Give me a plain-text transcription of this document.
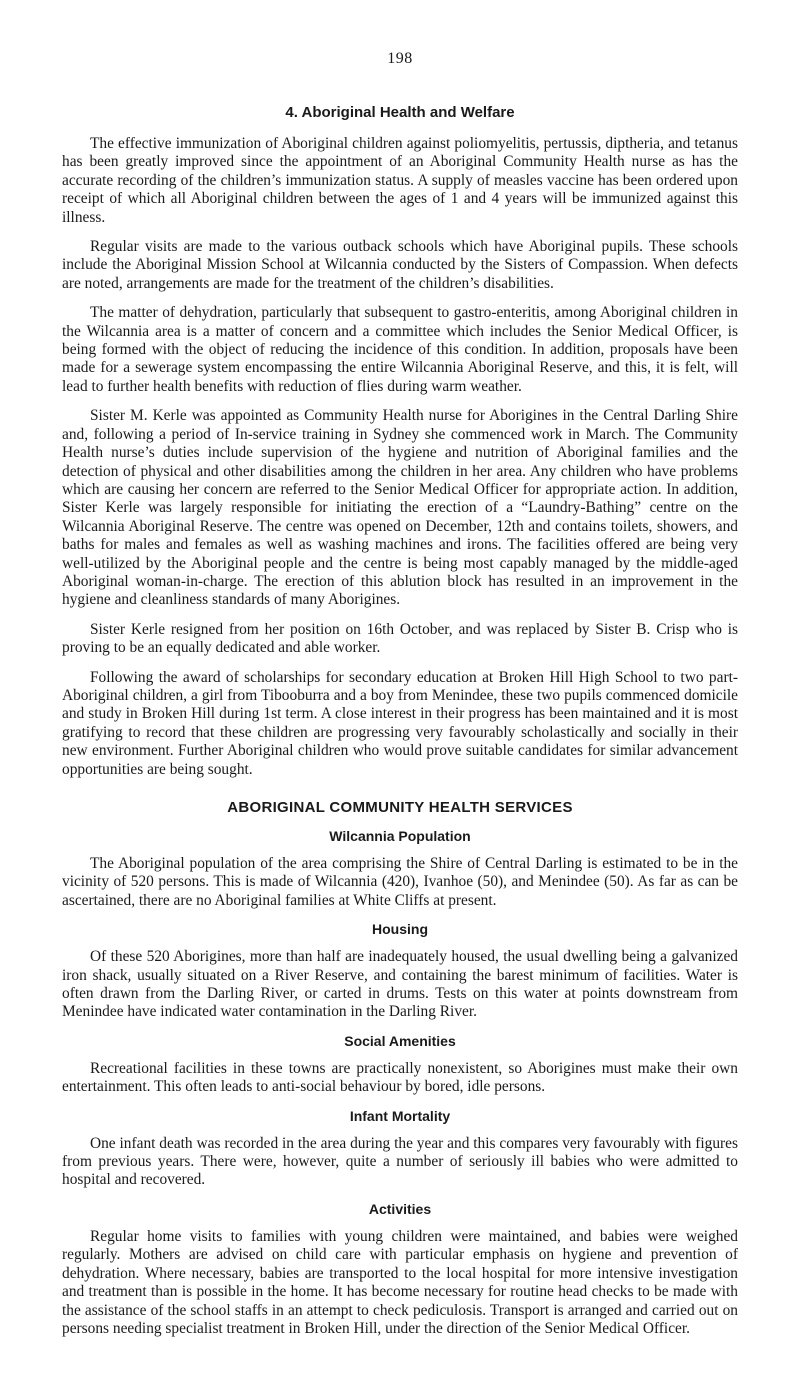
198
4. Aboriginal Health and Welfare

The effective immunization of Aboriginal children against poliomyelitis, pertussis, diptheria, and tetanus has been greatly improved since the appointment of an Aboriginal Community Health nurse as has the accurate recording of the children’s immunization status. A supply of measles vaccine has been ordered upon receipt of which all Aboriginal children between the ages of 1 and 4 years will be immunized against this illness.

Regular visits are made to the various outback schools which have Aboriginal pupils. These schools include the Aboriginal Mission School at Wilcannia conducted by the Sisters of Compassion. When defects are noted, arrangements are made for the treatment of the children’s disabilities.

The matter of dehydration, particularly that subsequent to gastro-enteritis, among Aboriginal children in the Wilcannia area is a matter of concern and a committee which includes the Senior Medical Officer, is being formed with the object of reducing the incidence of this condition. In addition, proposals have been made for a sewerage system encompassing the entire Wilcannia Aboriginal Reserve, and this, it is felt, will lead to further health benefits with reduction of flies during warm weather.

Sister M. Kerle was appointed as Community Health nurse for Aborigines in the Central Darling Shire and, following a period of In-service training in Sydney she commenced work in March. The Community Health nurse’s duties include supervision of the hygiene and nutrition of Aboriginal families and the detection of physical and other disabilities among the children in her area. Any children who have problems which are causing her concern are referred to the Senior Medical Officer for appropriate action. In addition, Sister Kerle was largely responsible for initiating the erection of a “Laundry-Bathing” centre on the Wilcannia Aboriginal Reserve. The centre was opened on December, 12th and contains toilets, showers, and baths for males and females as well as washing machines and irons. The facilities offered are being very well-utilized by the Aboriginal people and the centre is being most capably managed by the middle-aged Aboriginal woman-in-charge. The erection of this ablution block has resulted in an improvement in the hygiene and cleanliness standards of many Aborigines.

Sister Kerle resigned from her position on 16th October, and was replaced by Sister B. Crisp who is proving to be an equally dedicated and able worker.

Following the award of scholarships for secondary education at Broken Hill High School to two part-Aboriginal children, a girl from Tibooburra and a boy from Menindee, these two pupils commenced domicile and study in Broken Hill during 1st term. A close interest in their progress has been maintained and it is most gratifying to record that these children are progressing very favourably scholastically and socially in their new environment. Further Aboriginal children who would prove suitable candidates for similar advancement opportunities are being sought.

ABORIGINAL COMMUNITY HEALTH SERVICES
Wilcannia Population

The Aboriginal population of the area comprising the Shire of Central Darling is estimated to be in the vicinity of 520 persons. This is made of Wilcannia (420), Ivanhoe (50), and Menindee (50). As far as can be ascertained, there are no Aboriginal families at White Cliffs at present.

Housing

Of these 520 Aborigines, more than half are inadequately housed, the usual dwelling being a galvanized iron shack, usually situated on a River Reserve, and containing the barest minimum of facilities. Water is often drawn from the Darling River, or carted in drums. Tests on this water at points downstream from Menindee have indicated water contamination in the Darling River.

Social Amenities

Recreational facilities in these towns are practically nonexistent, so Aborigines must make their own entertainment. This often leads to anti-social behaviour by bored, idle persons.

Infant Mortality

One infant death was recorded in the area during the year and this compares very favourably with figures from previous years. There were, however, quite a number of seriously ill babies who were admitted to hospital and recovered.

Activities

Regular home visits to families with young children were maintained, and babies were weighed regularly. Mothers are advised on child care with particular emphasis on hygiene and prevention of dehydration. Where necessary, babies are transported to the local hospital for more intensive investigation and treatment than is possible in the home. It has become necessary for routine head checks to be made with the assistance of the school staffs in an attempt to check pediculosis. Transport is arranged and carried out on persons needing specialist treatment in Broken Hill, under the direction of the Senior Medical Officer.
